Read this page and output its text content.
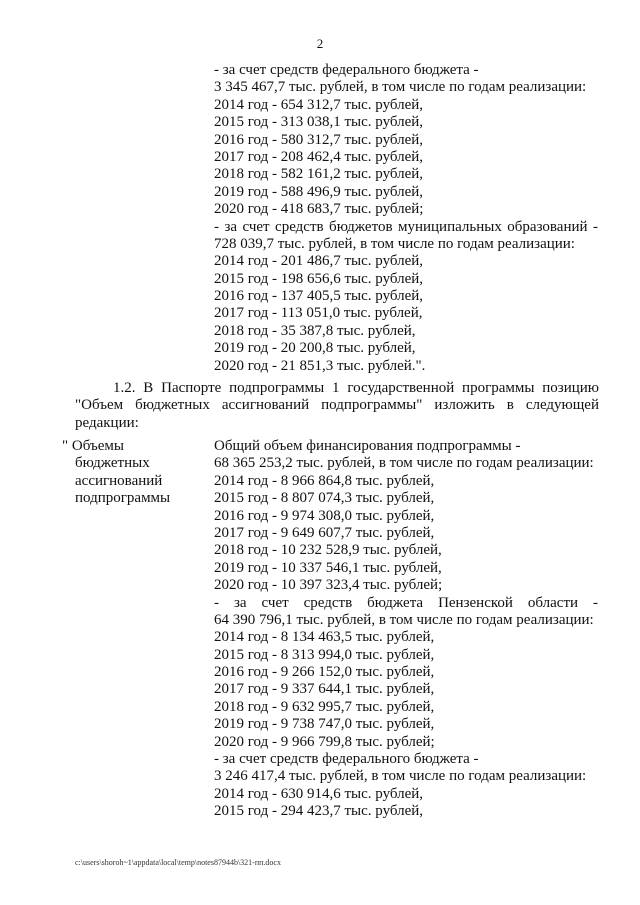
2
- за счет средств федерального бюджета -
3 345 467,7 тыс. рублей, в том числе по годам реализации:
2014 год - 654 312,7 тыс. рублей,
2015 год - 313 038,1 тыс. рублей,
2016 год - 580 312,7 тыс. рублей,
2017 год - 208 462,4 тыс. рублей,
2018 год - 582 161,2 тыс. рублей,
2019 год - 588 496,9 тыс. рублей,
2020 год - 418 683,7 тыс. рублей;
- за счет средств бюджетов муниципальных образований -
728 039,7 тыс. рублей, в том числе по годам реализации:
2014 год - 201 486,7 тыс. рублей,
2015 год - 198 656,6 тыс. рублей,
2016 год - 137 405,5 тыс. рублей,
2017 год - 113 051,0 тыс. рублей,
2018 год - 35 387,8 тыс. рублей,
2019 год - 20 200,8 тыс. рублей,
2020 год - 21 851,3 тыс. рублей.".
1.2. В Паспорте подпрограммы 1 государственной программы позицию
"Объем бюджетных ассигнований подпрограммы" изложить в следующей
редакции:
" Объемы
бюджетных
ассигнований
подпрограммы
Общий объем финансирования подпрограммы -
68 365 253,2 тыс. рублей, в том числе по годам реализации:
2014 год - 8 966 864,8 тыс. рублей,
2015 год - 8 807 074,3 тыс. рублей,
2016 год - 9 974 308,0 тыс. рублей,
2017 год - 9 649 607,7 тыс. рублей,
2018 год - 10 232 528,9 тыс. рублей,
2019 год - 10 337 546,1 тыс. рублей,
2020 год - 10 397 323,4 тыс. рублей;
- за счет средств бюджета Пензенской области -
64 390 796,1 тыс. рублей, в том числе по годам реализации:
2014 год - 8 134 463,5 тыс. рублей,
2015 год - 8 313 994,0 тыс. рублей,
2016 год - 9 266 152,0 тыс. рублей,
2017 год - 9 337 644,1 тыс. рублей,
2018 год - 9 632 995,7 тыс. рублей,
2019 год - 9 738 747,0 тыс. рублей,
2020 год - 9 966 799,8 тыс. рублей;
- за счет средств федерального бюджета -
3 246 417,4 тыс. рублей, в том числе по годам реализации:
2014 год - 630 914,6 тыс. рублей,
2015 год - 294 423,7 тыс. рублей,
c:\users\shoroh~1\appdata\local\temp\notes87944b\321-пп.docx
